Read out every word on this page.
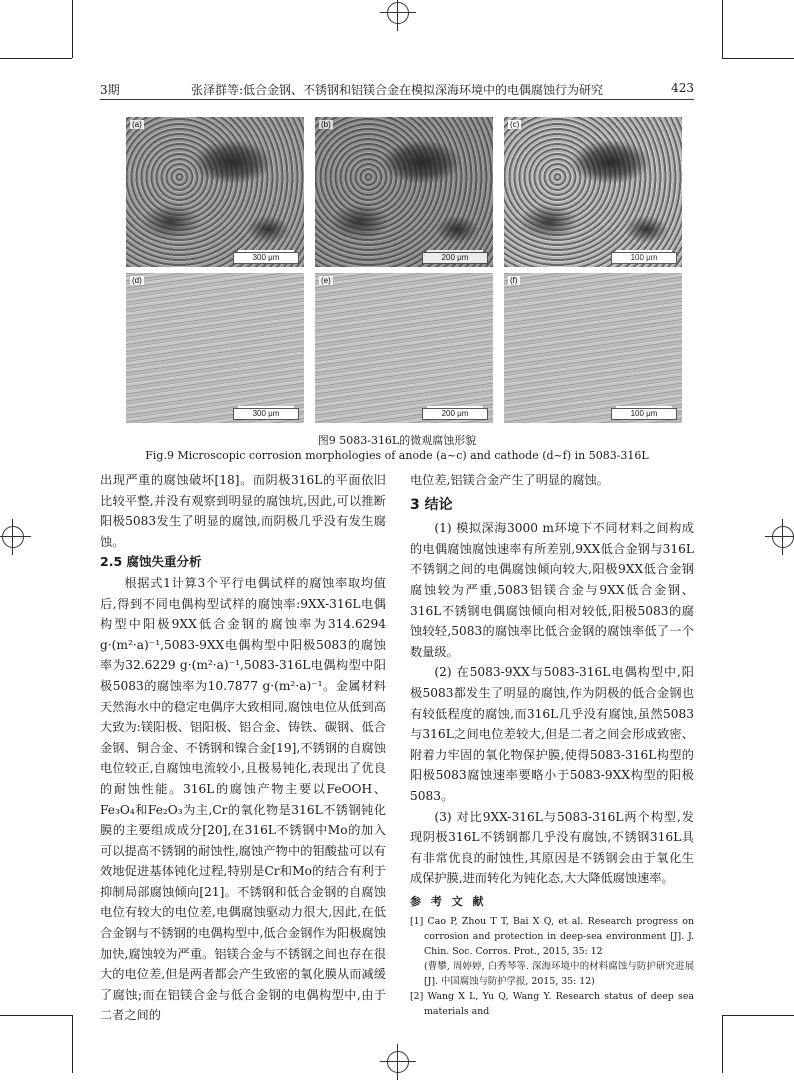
3期	张泽群等:低合金钢、不锈钢和铝镁合金在模拟深海环境中的电偶腐蚀行为研究	423
(a)
300 μm
(b)
200 μm
(c)
100 μm
(d)
300 μm
(e)
200 μm
(f)
100 μm
图9 5083-316L的微观腐蚀形貌
Fig.9 Microscopic corrosion morphologies of anode (a~c) and cathode (d~f) in 5083-316L

出现严重的腐蚀破坏[18]。而阴极316L的平面依旧比较平整,并没有观察到明显的腐蚀坑,因此,可以推断阳极5083发生了明显的腐蚀,而阴极几乎没有发生腐蚀。

2.5 腐蚀失重分析

根据式1计算3个平行电偶试样的腐蚀率取均值后,得到不同电偶构型试样的腐蚀率:9XX-316L电偶构型中阳极9XX低合金钢的腐蚀率为314.6294 g·(m²·a)⁻¹,5083-9XX电偶构型中阳极5083的腐蚀率为32.6229 g·(m²·a)⁻¹,5083-316L电偶构型中阳极5083的腐蚀率为10.7877 g·(m²·a)⁻¹。金属材料天然海水中的稳定电偶序大致相同,腐蚀电位从低到高大致为:镁阳极、铝阳极、铝合金、铸铁、碳钢、低合金钢、铜合金、不锈钢和镍合金[19],不锈钢的自腐蚀电位较正,自腐蚀电流较小,且极易钝化,表现出了优良的耐蚀性能。316L的腐蚀产物主要以FeOOH、Fe₃O₄和Fe₂O₃为主,Cr的氧化物是316L不锈钢钝化膜的主要组成成分[20],在316L不锈钢中Mo的加入可以提高不锈钢的耐蚀性,腐蚀产物中的钼酸盐可以有效地促进基体钝化过程,特别是Cr和Mo的结合有利于抑制局部腐蚀倾向[21]。不锈钢和低合金钢的自腐蚀电位有较大的电位差,电偶腐蚀驱动力很大,因此,在低合金钢与不锈钢的电偶构型中,低合金钢作为阳极腐蚀加快,腐蚀较为严重。铝镁合金与不锈钢之间也存在很大的电位差,但是两者都会产生致密的氧化膜从而减缓了腐蚀;而在铝镁合金与低合金钢的电偶构型中,由于二者之间的

电位差,铝镁合金产生了明显的腐蚀。

3 结论

(1) 模拟深海3000 m环境下不同材料之间构成的电偶腐蚀腐蚀速率有所差别,9XX低合金钢与316L不锈钢之间的电偶腐蚀倾向较大,阳极9XX低合金钢腐蚀较为严重,5083铝镁合金与9XX低合金钢、316L不锈钢电偶腐蚀倾向相对较低,阳极5083的腐蚀较轻,5083的腐蚀率比低合金钢的腐蚀率低了一个数量级。

(2) 在5083-9XX与5083-316L电偶构型中,阳极5083都发生了明显的腐蚀,作为阴极的低合金钢也有较低程度的腐蚀,而316L几乎没有腐蚀,虽然5083与316L之间电位差较大,但是二者之间会形成致密、附着力牢固的氧化物保护膜,使得5083-316L构型的阳极5083腐蚀速率要略小于5083-9XX构型的阳极5083。

(3) 对比9XX-316L与5083-316L两个构型,发现阴极316L不锈钢都几乎没有腐蚀,不锈钢316L具有非常优良的耐蚀性,其原因是不锈钢会由于氧化生成保护膜,进而转化为钝化态,大大降低腐蚀速率。

参 考 文 献

[1] Cao P, Zhou T T, Bai X Q, et al. Research progress on corrosion and protection in deep-sea environment [J]. J. Chin. Soc. Corros. Prot., 2015, 35: 12

(曹攀, 周婷婷, 白秀琴等. 深海环境中的材料腐蚀与防护研究进展 [J]. 中国腐蚀与防护学报, 2015, 35: 12)

[2] Wang X L, Yu Q, Wang Y. Research status of deep sea materials and
